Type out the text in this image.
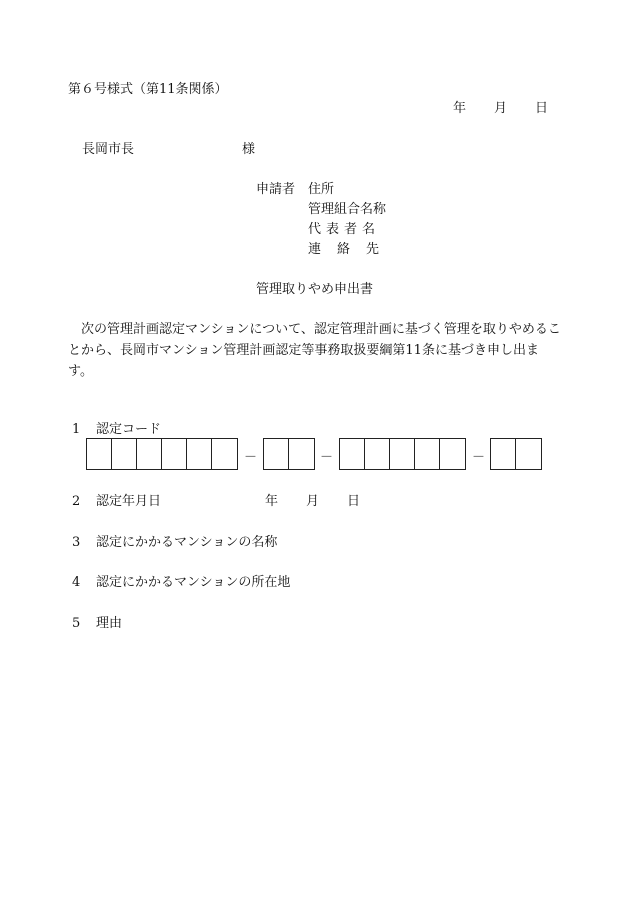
第６号様式（第11条関係）
年 月 日
長岡市長	様
申請者 住所
管理組合名称
代表者名
連絡先
管理取りやめ申出書
次の管理計画認定マンションについて、認定管理計画に基づく管理を取りやめることから、長岡市マンション管理計画認定等事務取扱要綱第11条に基づき申し出ます。
1 認定コード
－	－	－
2 認定年月日	年 月 日
3 認定にかかるマンションの名称
4 認定にかかるマンションの所在地
5 理由
